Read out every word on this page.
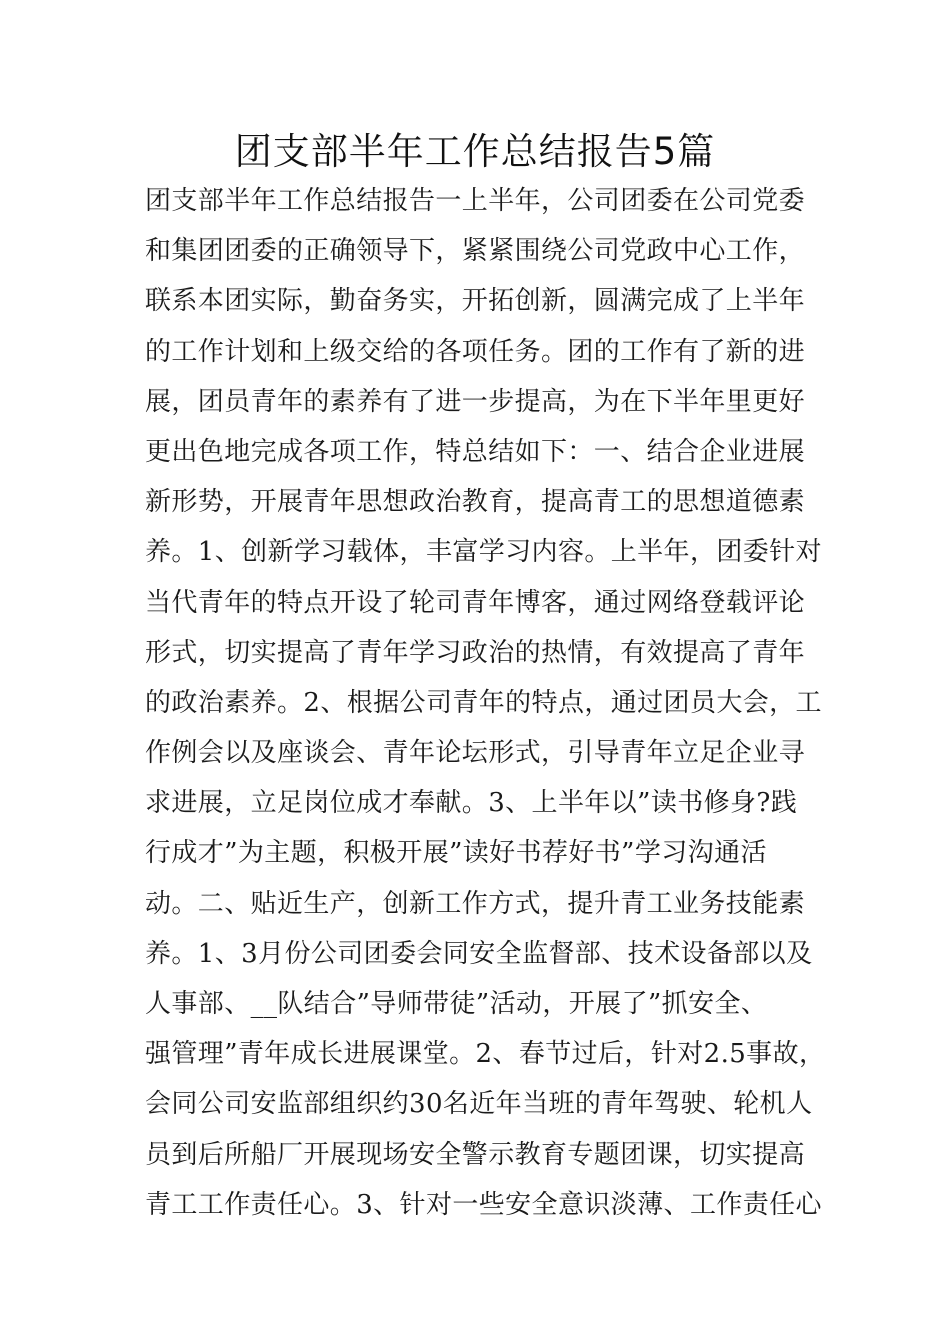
团支部半年工作总结报告5篇
团支部半年工作总结报告一上半年，公司团委在公司党委
和集团团委的正确领导下，紧紧围绕公司党政中心工作，
联系本团实际，勤奋务实，开拓创新，圆满完成了上半年
的工作计划和上级交给的各项任务。团的工作有了新的进
展，团员青年的素养有了进一步提高，为在下半年里更好
更出色地完成各项工作，特总结如下：一、结合企业进展
新形势，开展青年思想政治教育，提高青工的思想道德素
养。1、创新学习载体，丰富学习内容。上半年，团委针对
当代青年的特点开设了轮司青年博客，通过网络登载评论
形式，切实提高了青年学习政治的热情，有效提高了青年
的政治素养。2、根据公司青年的特点，通过团员大会，工
作例会以及座谈会、青年论坛形式，引导青年立足企业寻
求进展，立足岗位成才奉献。3、上半年以”读书修身?践
行成才”为主题，积极开展”读好书荐好书”学习沟通活
动。二、贴近生产，创新工作方式，提升青工业务技能素
养。1、3月份公司团委会同安全监督部、技术设备部以及
人事部、__队结合”导师带徒”活动，开展了”抓安全、
强管理”青年成长进展课堂。2、春节过后，针对2.5事故，
会同公司安监部组织约30名近年当班的青年驾驶、轮机人
员到后所船厂开展现场安全警示教育专题团课，切实提高
青工工作责任心。3、针对一些安全意识淡薄、工作责任心
